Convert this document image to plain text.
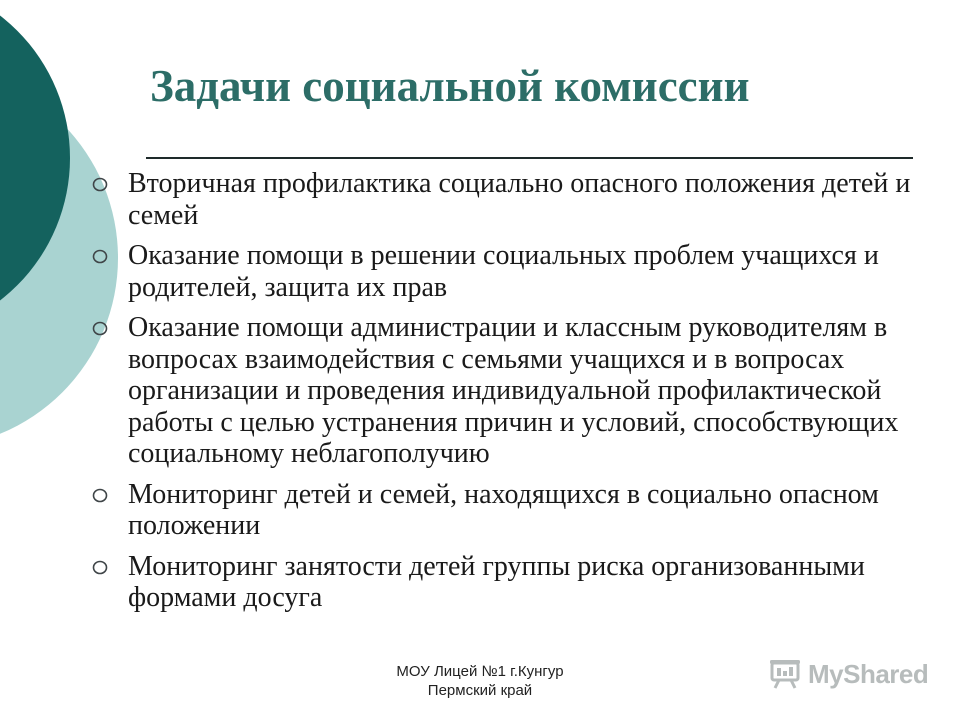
Задачи социальной комиссии
Вторичная профилактика социально опасного положения детей и семей
Оказание помощи в решении социальных проблем учащихся и родителей, защита их прав
Оказание помощи администрации и классным руководителям в вопросах взаимодействия с семьями учащихся и в вопросах организации и проведения индивидуальной профилактической работы с целью устранения причин и условий, способствующих социальному неблагополучию
Мониторинг детей и семей, находящихся в социально опасном положении
Мониторинг занятости детей группы риска организованными формами досуга
МОУ Лицей №1 г.Кунгур
Пермский край
MyShared
